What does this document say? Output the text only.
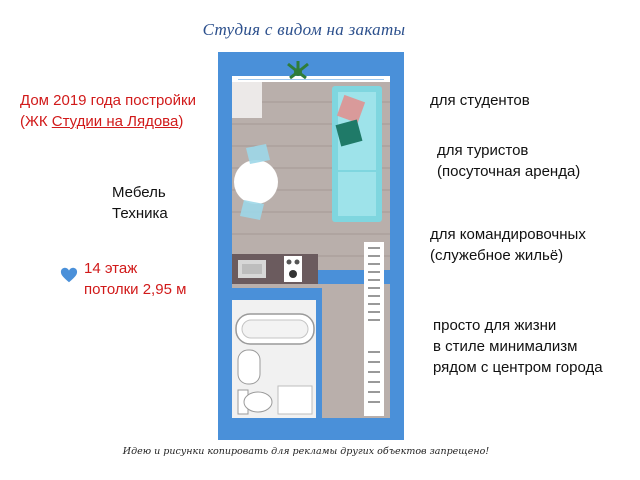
Студия с видом на закаты
Дом 2019 года постройки
(ЖК Студии на Лядова)
Мебель
Техника
14 этаж
потолки 2,95 м
для студентов
для туристов
(посуточная аренда)
для командировочных
(служебное жильё)
просто для жизни
в стиле минимализм
рядом с центром города
Идею и рисунки копировать для рекламы других объектов запрещено!
